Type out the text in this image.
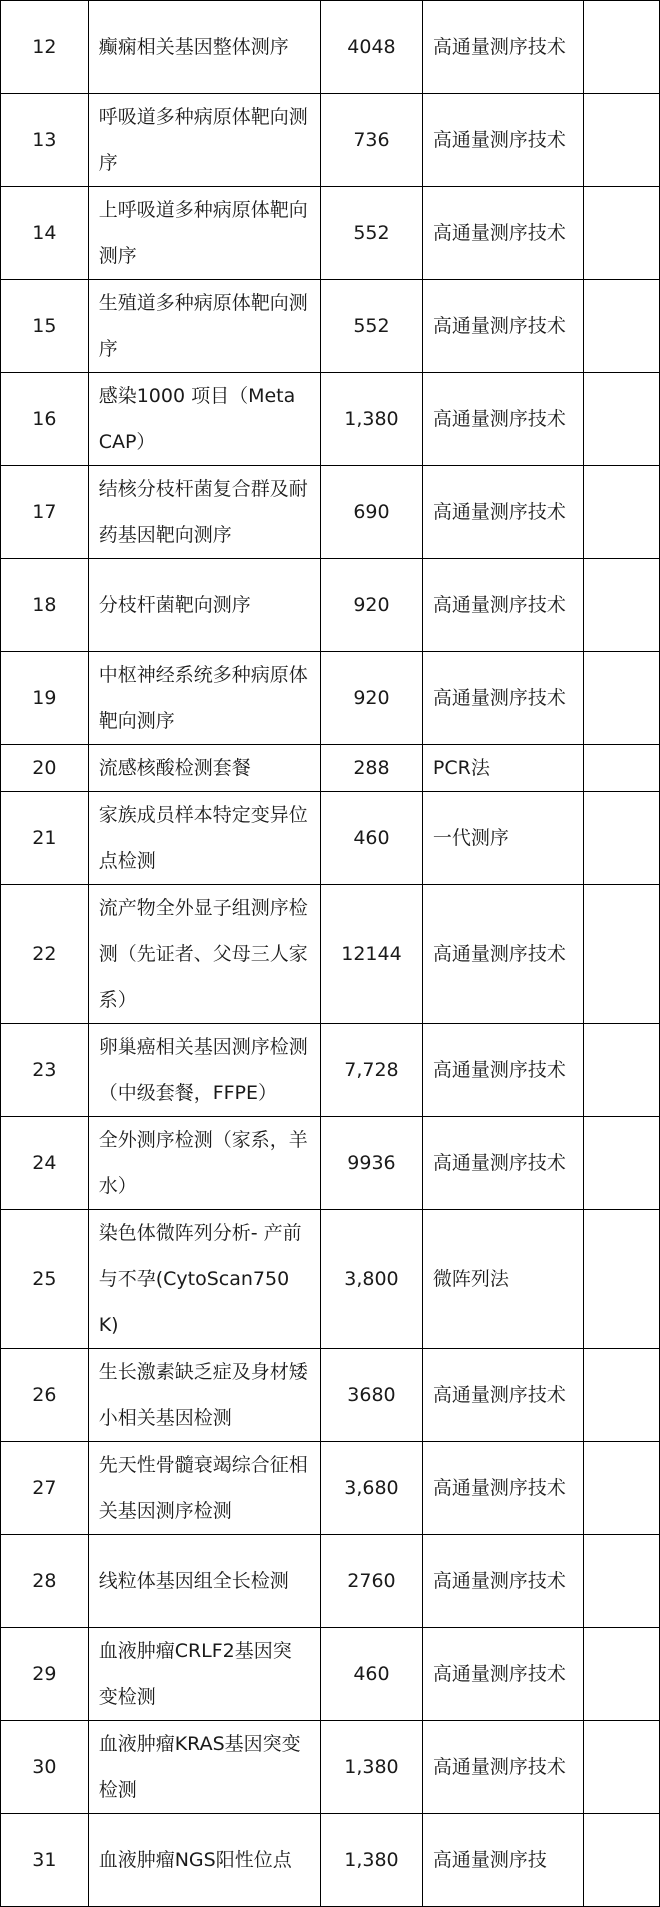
12	癫痫相关基因整体测序	4048	高通量测序技术	
13	呼吸道多种病原体靶向测序	736	高通量测序技术	
14	上呼吸道多种病原体靶向测序	552	高通量测序技术	
15	生殖道多种病原体靶向测序	552	高通量测序技术	
16	感染1000 项目（MetaCAP）	1,380	高通量测序技术	
17	结核分枝杆菌复合群及耐药基因靶向测序	690	高通量测序技术	
18	分枝杆菌靶向测序	920	高通量测序技术	
19	中枢神经系统多种病原体靶向测序	920	高通量测序技术	
20	流感核酸检测套餐	288	PCR法	
21	家族成员样本特定变异位点检测	460	一代测序	
22	流产物全外显子组测序检测（先证者、父母三人家系）	12144	高通量测序技术	
23	卵巢癌相关基因测序检测（中级套餐，FFPE）	7,728	高通量测序技术	
24	全外测序检测（家系，羊水）	9936	高通量测序技术	
25	染色体微阵列分析- 产前与不孕(CytoScan750K)	3,800	微阵列法	
26	生长激素缺乏症及身材矮小相关基因检测	3680	高通量测序技术	
27	先天性骨髓衰竭综合征相关基因测序检测	3,680	高通量测序技术	
28	线粒体基因组全长检测	2760	高通量测序技术	
29	血液肿瘤CRLF2基因突变检测	460	高通量测序技术	
30	血液肿瘤KRAS基因突变检测	1,380	高通量测序技术	
31	血液肿瘤NGS阳性位点	1,380	高通量测序技	
